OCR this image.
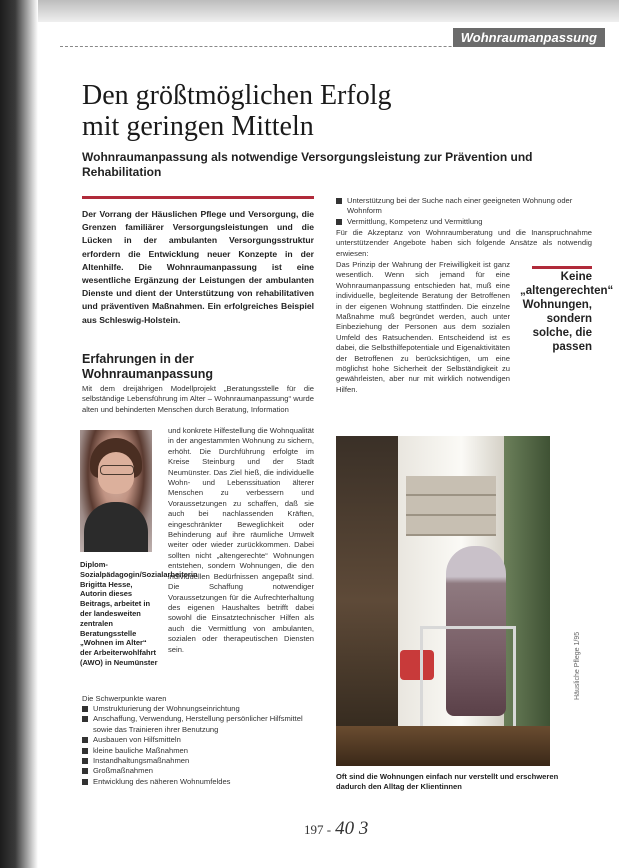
Wohnraumanpassung
Den größtmöglichen Erfolg
mit geringen Mitteln
Wohnraumanpassung als notwendige Versorgungsleistung zur Prävention und Rehabilitation
Der Vorrang der Häuslichen Pflege und Versorgung, die Grenzen familiärer Versorgungsleistungen und die Lücken in der ambulanten Versorgungsstruktur erfordern die Entwicklung neuer Konzepte in der Altenhilfe. Die Wohnraumanpassung ist eine wesentliche Ergänzung der Leistungen der ambulanten Dienste und dient der Unterstützung von rehabilitativen und präventiven Maßnahmen. Ein erfolgreiches Beispiel aus Schleswig-Holstein.
Erfahrungen in der Wohnraumanpassung
Mit dem dreijährigen Modellprojekt „Beratungsstelle für die selbständige Lebensführung im Alter – Wohnraumanpassung“ wurde alten und behinderten Menschen durch Beratung, Information
und konkrete Hilfestellung die Wohnqualität in der angestammten Wohnung zu sichern, erhöht. Die Durchführung erfolgte im Kreise Steinburg und der Stadt Neumünster. Das Ziel hieß, die individuelle Wohn- und Lebenssituation älterer Menschen zu verbessern und Voraussetzungen zu schaffen, daß sie auch bei nachlassenden Kräften, eingeschränkter Beweglichkeit oder Behinderung auf ihre räumliche Umwelt weiter oder wieder zurückkommen. Dabei sollten nicht „altengerechte“ Wohnungen entstehen, sondern Wohnungen, die den individuellen Bedürfnissen angepaßt sind. Die Schaffung notwendiger Voraussetzungen für die Aufrechterhaltung des eigenen Haushaltes betrifft dabei sowohl die Einsatztechnischer Hilfen als auch die Vermittlung von ambulanten, sozialen oder therapeutischen Diensten sein.
Diplom-Sozialpädagogin/Sozialarbeiterin Brigitta Hesse, Autorin dieses Beitrags, arbeitet in der landesweiten zentralen Beratungsstelle „Wohnen im Alter“ der Arbeiterwohlfahrt (AWO) in Neumünster
Die Schwerpunkte waren
Umstrukturierung der Wohnungseinrichtung
Anschaffung, Verwendung, Herstellung persönlicher Hilfsmittel sowie das Trainieren ihrer Benutzung
Ausbauen von Hilfsmitteln
kleine bauliche Maßnahmen
Instandhaltungsmaßnahmen
Großmaßnahmen
Entwicklung des näheren Wohnumfeldes
Unterstützung bei der Suche nach einer geeigneten Wohnung oder Wohnform
Vermittlung, Kompetenz und Vermittlung
Für die Akzeptanz von Wohnraumberatung und die Inanspruchnahme unterstützender Angebote haben sich folgende Ansätze als notwendig erwiesen:
Das Prinzip der Wahrung der Freiwilligkeit ist ganz wesentlich. Wenn sich jemand für eine Wohnraumanpassung entschieden hat, muß eine individuelle, begleitende Beratung der Betroffenen in der eigenen Wohnung stattfinden. Die einzelne Maßnahme muß begründet werden, auch unter Einbeziehung der Personen aus dem sozialen Umfeld des Ratsuchenden. Entscheidend ist es dabei, die Selbsthilfepotentiale und Eigenaktivitäten der Betroffenen zu berücksichtigen, um eine möglichst hohe Sicherheit der Selbständigkeit zu gewährleisten, aber nur mit wirklich notwendigen Hilfen.
Keine „altengerechten“ Wohnungen, sondern solche, die passen
Oft sind die Wohnungen einfach nur verstellt und erschweren dadurch den Alltag der Klientinnen
Häusliche Pflege 1/95
197 - 40 3
